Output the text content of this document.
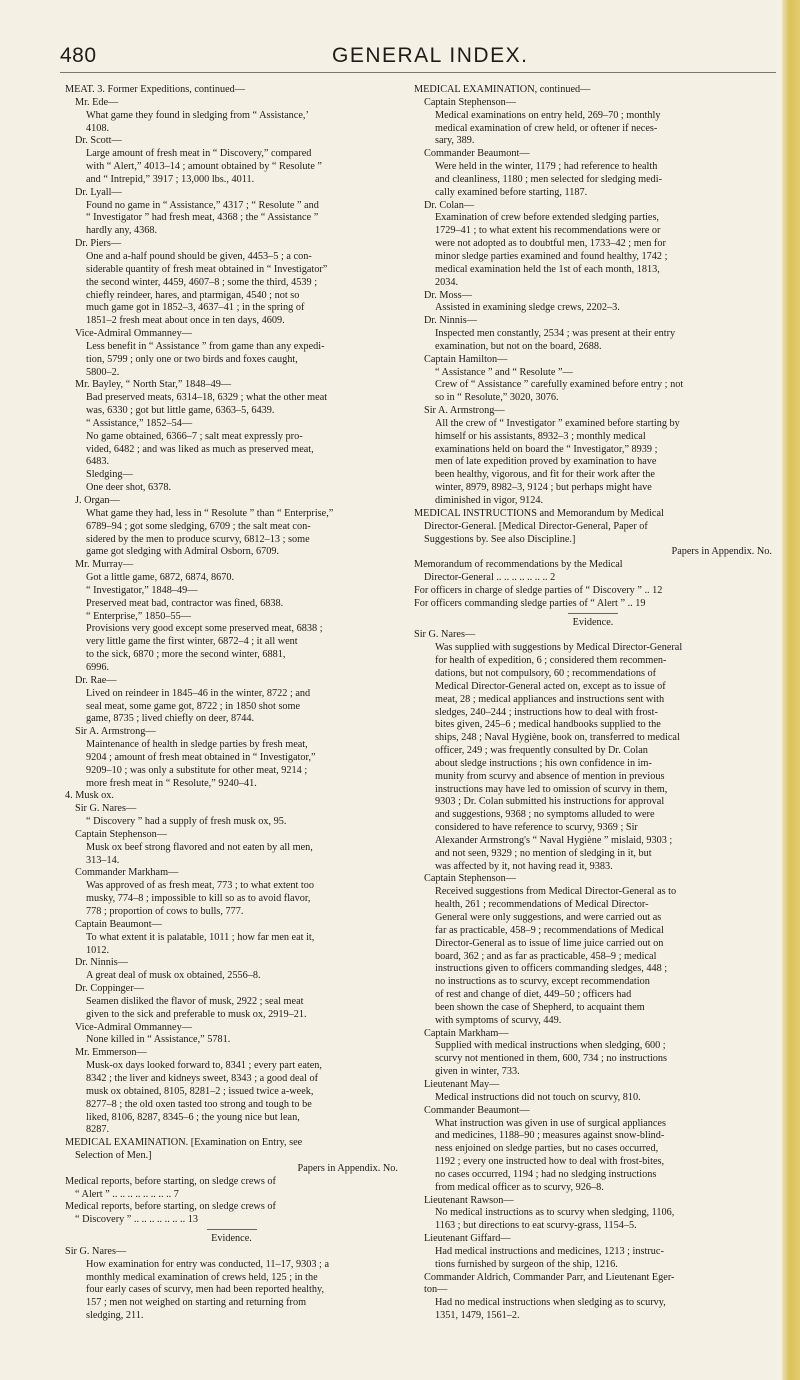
480	GENERAL INDEX.
MEAT. 3. Former Expeditions, continued—
Mr. Ede—
What game they found in sledging from “ Assistance,’
4108.
Dr. Scott—
Large amount of fresh meat in “ Discovery,” compared
with “ Alert,” 4013–14 ; amount obtained by “ Resolute ”
and “ Intrepid,” 3917 ; 13,000 lbs., 4011.
Dr. Lyall—
Found no game in “ Assistance,” 4317 ; “ Resolute ” and
“ Investigator ” had fresh meat, 4368 ; the “ Assistance ”
hardly any, 4368.
Dr. Piers—
One and a-half pound should be given, 4453–5 ; a con-
siderable quantity of fresh meat obtained in “ Investigator”
the second winter, 4459, 4607–8 ; some the third, 4539 ;
chiefly reindeer, hares, and ptarmigan, 4540 ; not so
much game got in 1852–3, 4637–41 ; in the spring of
1851–2 fresh meat about once in ten days, 4609.
Vice-Admiral Ommanney—
Less benefit in “ Assistance ” from game than any expedi-
tion, 5799 ; only one or two birds and foxes caught,
5800–2.
Mr. Bayley, “ North Star,” 1848–49—
Bad preserved meats, 6314–18, 6329 ; what the other meat
was, 6330 ; got but little game, 6363–5, 6439.
“ Assistance,” 1852–54—
No game obtained, 6366–7 ; salt meat expressly pro-
vided, 6482 ; and was liked as much as preserved meat,
6483.
Sledging—
One deer shot, 6378.
J. Organ—
What game they had, less in “ Resolute ” than “ Enterprise,”
6789–94 ; got some sledging, 6709 ; the salt meat con-
sidered by the men to produce scurvy, 6812–13 ; some
game got sledging with Admiral Osborn, 6709.
Mr. Murray—
Got a little game, 6872, 6874, 8670.
“ Investigator,” 1848–49—
Preserved meat bad, contractor was fined, 6838.
“ Enterprise,” 1850–55—
Provisions very good except some preserved meat, 6838 ;
very little game the first winter, 6872–4 ; it all went
to the sick, 6870 ; more the second winter, 6881,
6996.
Dr. Rae—
Lived on reindeer in 1845–46 in the winter, 8722 ; and
seal meat, some game got, 8722 ; in 1850 shot some
game, 8735 ; lived chiefly on deer, 8744.
Sir A. Armstrong—
Maintenance of health in sledge parties by fresh meat,
9204 ; amount of fresh meat obtained in “ Investigator,”
9209–10 ; was only a substitute for other meat, 9214 ;
more fresh meat in “ Resolute,” 9240–41.
4. Musk ox.
Sir G. Nares—
“ Discovery ” had a supply of fresh musk ox, 95.
Captain Stephenson—
Musk ox beef strong flavored and not eaten by all men,
313–14.
Commander Markham—
Was approved of as fresh meat, 773 ; to what extent too
musky, 774–8 ; impossible to kill so as to avoid flavor,
778 ; proportion of cows to bulls, 777.
Captain Beaumont—
To what extent it is palatable, 1011 ; how far men eat it,
1012.
Dr. Ninnis—
A great deal of musk ox obtained, 2556–8.
Dr. Coppinger—
Seamen disliked the flavor of musk, 2922 ; seal meat
given to the sick and preferable to musk ox, 2919–21.
Vice-Admiral Ommanney—
None killed in “ Assistance,” 5781.
Mr. Emmerson—
Musk-ox days looked forward to, 8341 ; every part eaten,
8342 ; the liver and kidneys sweet, 8343 ; a good deal of
musk ox obtained, 8105, 8281–2 ; issued twice a-week,
8277–8 ; the old oxen tasted too strong and tough to be
liked, 8106, 8287, 8345–6 ; the young nice but lean,
8287.
MEDICAL EXAMINATION. [Examination on Entry, see
Selection of Men.]
Papers in Appendix. No.
Medical reports, before starting, on sledge crews of
“ Alert ” .. .. .. .. .. .. .. .. 7
Medical reports, before starting, on sledge crews of
“ Discovery ” .. .. .. .. .. .. .. 13
Evidence.
Sir G. Nares—
How examination for entry was conducted, 11–17, 9303 ; a
monthly medical examination of crews held, 125 ; in the
four early cases of scurvy, men had been reported healthy,
157 ; men not weighed on starting and returning from
sledging, 211.
MEDICAL EXAMINATION, continued—
Captain Stephenson—
Medical examinations on entry held, 269–70 ; monthly
medical examination of crew held, or oftener if neces-
sary, 389.
Commander Beaumont—
Were held in the winter, 1179 ; had reference to health
and cleanliness, 1180 ; men selected for sledging medi-
cally examined before starting, 1187.
Dr. Colan—
Examination of crew before extended sledging parties,
1729–41 ; to what extent his recommendations were or
were not adopted as to doubtful men, 1733–42 ; men for
minor sledge parties examined and found healthy, 1742 ;
medical examination held the 1st of each month, 1813,
2034.
Dr. Moss—
Assisted in examining sledge crews, 2202–3.
Dr. Ninnis—
Inspected men constantly, 2534 ; was present at their entry
examination, but not on the board, 2688.
Captain Hamilton—
“ Assistance ” and “ Resolute ”—
Crew of “ Assistance ” carefully examined before entry ; not
so in “ Resolute,” 3020, 3076.
Sir A. Armstrong—
All the crew of “ Investigator ” examined before starting by
himself or his assistants, 8932–3 ; monthly medical
examinations held on board the “ Investigator,” 8939 ;
men of late expedition proved by examination to have
been healthy, vigorous, and fit for their work after the
winter, 8979, 8982–3, 9124 ; but perhaps might have
diminished in vigor, 9124.
MEDICAL INSTRUCTIONS and Memorandum by Medical
Director-General. [Medical Director-General, Paper of
Suggestions by. See also Discipline.]
Papers in Appendix. No.
Memorandum of recommendations by the Medical
Director-General .. .. .. .. .. .. .. 2
For officers in charge of sledge parties of “ Discovery ” .. 12
For officers commanding sledge parties of “ Alert ” .. 19
Evidence.
Sir G. Nares—
Was supplied with suggestions by Medical Director-General
for health of expedition, 6 ; considered them recommen-
dations, but not compulsory, 60 ; recommendations of
Medical Director-General acted on, except as to issue of
meat, 28 ; medical appliances and instructions sent with
sledges, 240–244 ; instructions how to deal with frost-
bites given, 245–6 ; medical handbooks supplied to the
ships, 248 ; Naval Hygiène, book on, transferred to medical
officer, 249 ; was frequently consulted by Dr. Colan
about sledge instructions ; his own confidence in im-
munity from scurvy and absence of mention in previous
instructions may have led to omission of scurvy in them,
9303 ; Dr. Colan submitted his instructions for approval
and suggestions, 9368 ; no symptoms alluded to were
considered to have reference to scurvy, 9369 ; Sir
Alexander Armstrong's “ Naval Hygiène ” mislaid, 9303 ;
and not seen, 9329 ; no mention of sledging in it, but
was affected by it, not having read it, 9383.
Captain Stephenson—
Received suggestions from Medical Director-General as to
health, 261 ; recommendations of Medical Director-
General were only suggestions, and were carried out as
far as practicable, 458–9 ; recommendations of Medical
Director-General as to issue of lime juice carried out on
board, 362 ; and as far as practicable, 458–9 ; medical
instructions given to officers commanding sledges, 448 ;
no instructions as to scurvy, except recommendation
of rest and change of diet, 449–50 ; officers had
been shown the case of Shepherd, to acquaint them
with symptoms of scurvy, 449.
Captain Markham—
Supplied with medical instructions when sledging, 600 ;
scurvy not mentioned in them, 600, 734 ; no instructions
given in winter, 733.
Lieutenant May—
Medical instructions did not touch on scurvy, 810.
Commander Beaumont—
What instruction was given in use of surgical appliances
and medicines, 1188–90 ; measures against snow-blind-
ness enjoined on sledge parties, but no cases occurred,
1192 ; every one instructed how to deal with frost-bites,
no cases occurred, 1194 ; had no sledging instructions
from medical officer as to scurvy, 926–8.
Lieutenant Rawson—
No medical instructions as to scurvy when sledging, 1106,
1163 ; but directions to eat scurvy-grass, 1154–5.
Lieutenant Giffard—
Had medical instructions and medicines, 1213 ; instruc-
tions furnished by surgeon of the ship, 1216.
Commander Aldrich, Commander Parr, and Lieutenant Eger-
ton—
Had no medical instructions when sledging as to scurvy,
1351, 1479, 1561–2.
